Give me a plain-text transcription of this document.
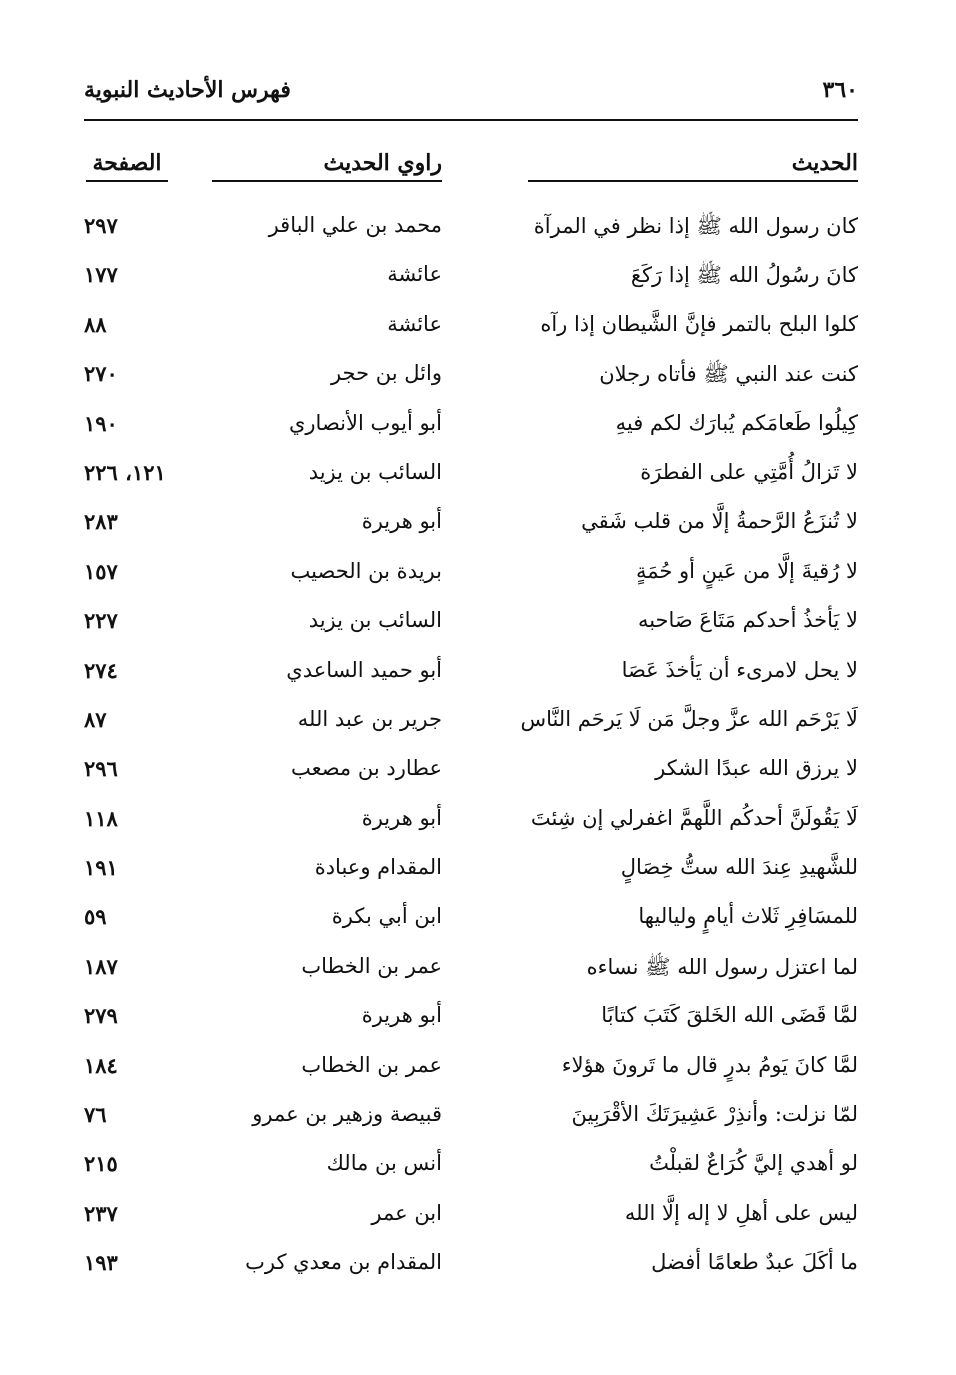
٣٦٠
فهرس الأحاديث النبوية
الحديث
راوي الحديث
الصفحة
كان رسول الله ﷺ إذا نظر في المرآة
محمد بن علي الباقر
٢٩٧
كانَ رسُولُ الله ﷺ إذا رَكَعَ
عائشة
١٧٧
كلوا البلح بالتمر فإنَّ الشَّيطان إذا رآه
عائشة
٨٨
كنت عند النبي ﷺ فأتاه رجلان
وائل بن حجر
٢٧٠
كِيلُوا طَعامَكم يُبارَك لكم فيهِ
أبو أيوب الأنصاري
١٩٠
لا تَزالُ أُمَّتِي على الفطرَة
السائب بن يزيد
١٢١، ٢٢٦
لا تُنزَعُ الرَّحمةُ إلَّا من قلب شَقي
أبو هريرة
٢٨٣
لا رُقيةَ إلَّا من عَينٍ أو حُمَةٍ
بريدة بن الحصيب
١٥٧
لا يَأخذُ أحدكم مَتَاعَ صَاحبه
السائب بن يزيد
٢٢٧
لا يحل لامرىء أن يَأخذَ عَصَا
أبو حميد الساعدي
٢٧٤
لَا يَرْحَم الله عزَّ وجلَّ مَن لَا يَرحَم النَّاس
جرير بن عبد الله
٨٧
لا يرزق الله عبدًا الشكر
عطارد بن مصعب
٢٩٦
لَا يَقُولَنَّ أحدكُم اللَّهمَّ اغفرلي إن شِئتَ
أبو هريرة
١١٨
للشَّهيدِ عِندَ الله ستُّ خِصَالٍ
المقدام وعبادة
١٩١
للمسَافِرِ ثَلاث أيامٍ ولياليها
ابن أبي بكرة
٥٩
لما اعتزل رسول الله ﷺ نساءه
عمر بن الخطاب
١٨٧
لمَّا قَضَى الله الخَلقَ كَتَبَ كتابًا
أبو هريرة
٢٧٩
لمَّا كانَ يَومُ بدرٍ قال ما تَرونَ هؤلاء
عمر بن الخطاب
١٨٤
لمّا نزلت: وأنذِرْ عَشِيرَتَكَ الأقْرَبِينَ
قبيصة وزهير بن عمرو
٧٦
لو أهدي إليَّ كُرَاعٌ لقبلْتُ
أنس بن مالك
٢١٥
ليس على أهلِ لا إله إلَّا الله
ابن عمر
٢٣٧
ما أكَلَ عبدٌ طعامًا أفضل
المقدام بن معدي كرب
١٩٣
